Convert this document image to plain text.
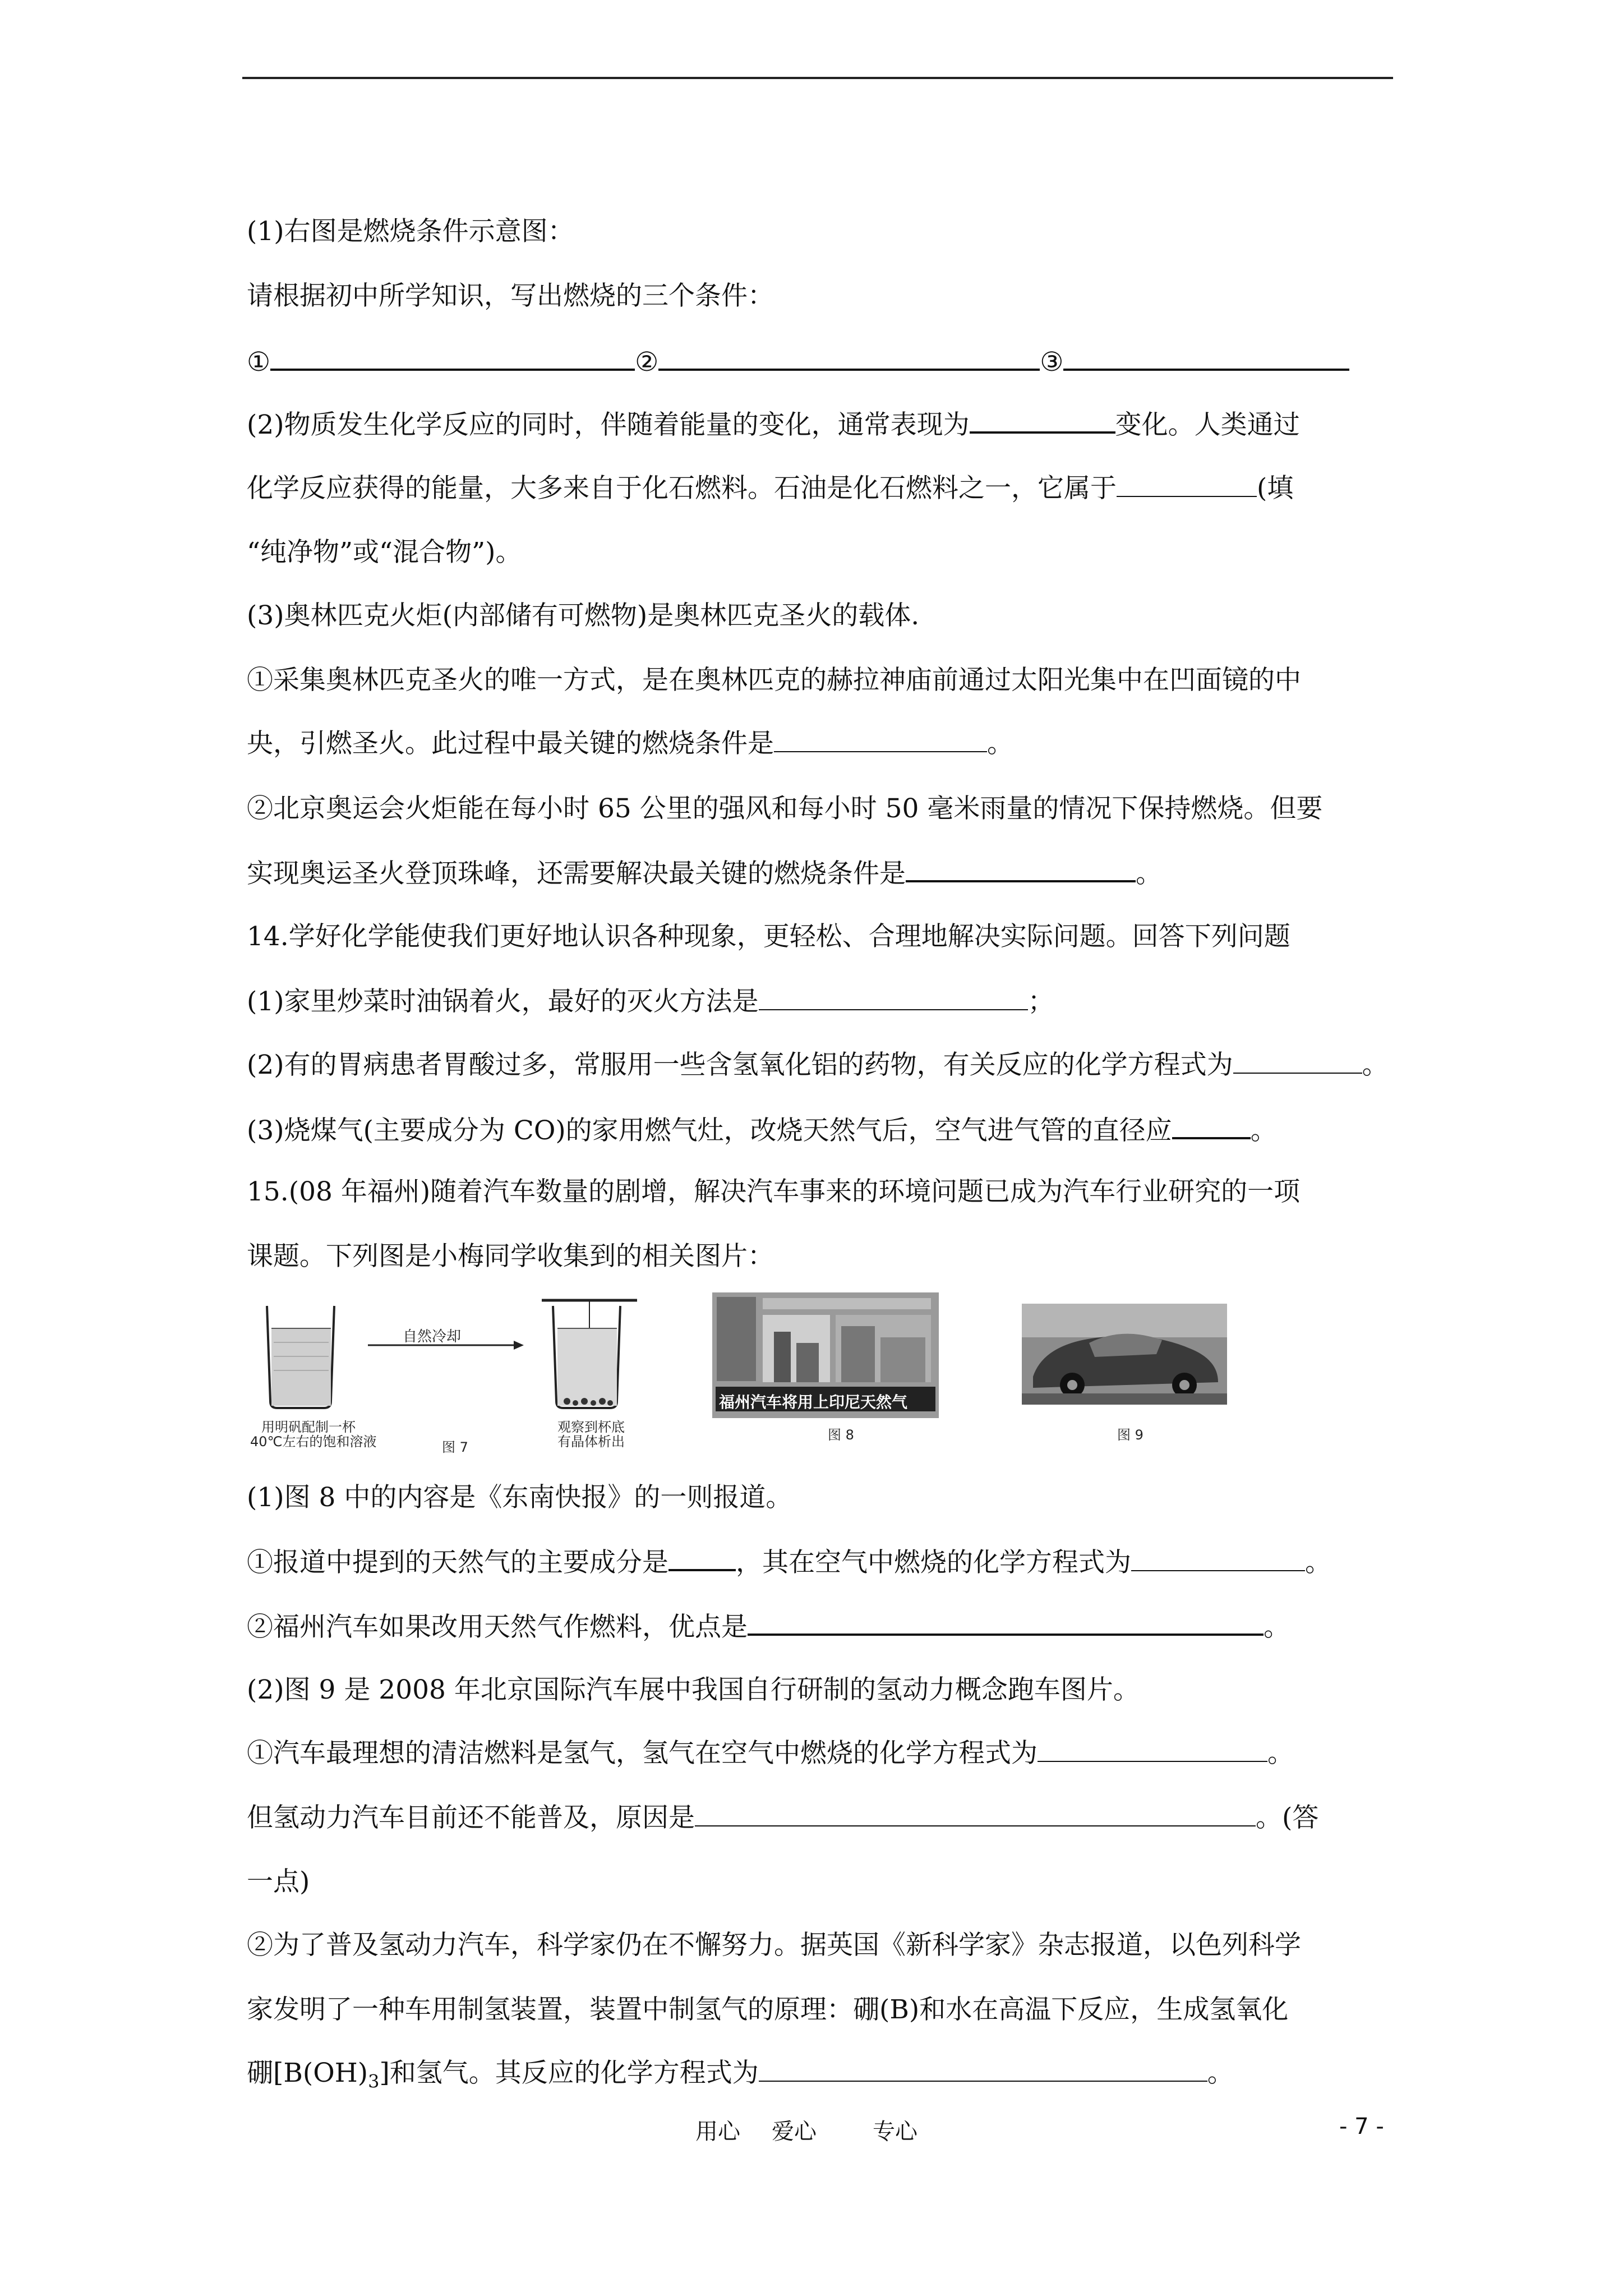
(1)右图是燃烧条件示意图：
请根据初中所学知识，写出燃烧的三个条件：
①	②	③
(2)物质发生化学反应的同时，伴随着能量的变化，通常表现为	变化。人类通过
化学反应获得的能量，大多来自于化石燃料。石油是化石燃料之一，它属于	(填
“纯净物”或“混合物”)。
(3)奥林匹克火炬(内部储有可燃物)是奥林匹克圣火的载体.
①采集奥林匹克圣火的唯一方式，是在奥林匹克的赫拉神庙前通过太阳光集中在凹面镜的中
央，引燃圣火。此过程中最关键的燃烧条件是	。
②北京奥运会火炬能在每小时 65 公里的强风和每小时 50 毫米雨量的情况下保持燃烧。但要
实现奥运圣火登顶珠峰，还需要解决最关键的燃烧条件是	。
14.学好化学能使我们更好地认识各种现象，更轻松、合理地解决实际问题。回答下列问题
(1)家里炒菜时油锅着火，最好的灭火方法是	；
(2)有的胃病患者胃酸过多，常服用一些含氢氧化铝的药物，有关反应的化学方程式为	。
(3)烧煤气(主要成分为 CO)的家用燃气灶，改烧天然气后，空气进气管的直径应	。
15.(08 年福州)随着汽车数量的剧增，解决汽车事来的环境问题已成为汽车行业研究的一项
课题。下列图是小梅同学收集到的相关图片：
自然冷却
用明矾配制一杯
40℃左右的饱和溶液
观察到杯底
有晶体析出
图 7
福州汽车将用上印尼天然气
图 8	图 9
(1)图 8 中的内容是《东南快报》的一则报道。
①报道中提到的天然气的主要成分是	，其在空气中燃烧的化学方程式为	。
②福州汽车如果改用天然气作燃料，优点是	。
(2)图 9 是 2008 年北京国际汽车展中我国自行研制的氢动力概念跑车图片。
①汽车最理想的清洁燃料是氢气，氢气在空气中燃烧的化学方程式为	。
但氢动力汽车目前还不能普及，原因是	。(答
一点)
②为了普及氢动力汽车，科学家仍在不懈努力。据英国《新科学家》杂志报道，以色列科学
家发明了一种车用制氢装置，装置中制氢气的原理：硼(B)和水在高温下反应，生成氢氧化
硼$[B(OH)_3]$和氢气。其反应的化学方程式为	。
用心 爱心	专心	- 7 -
